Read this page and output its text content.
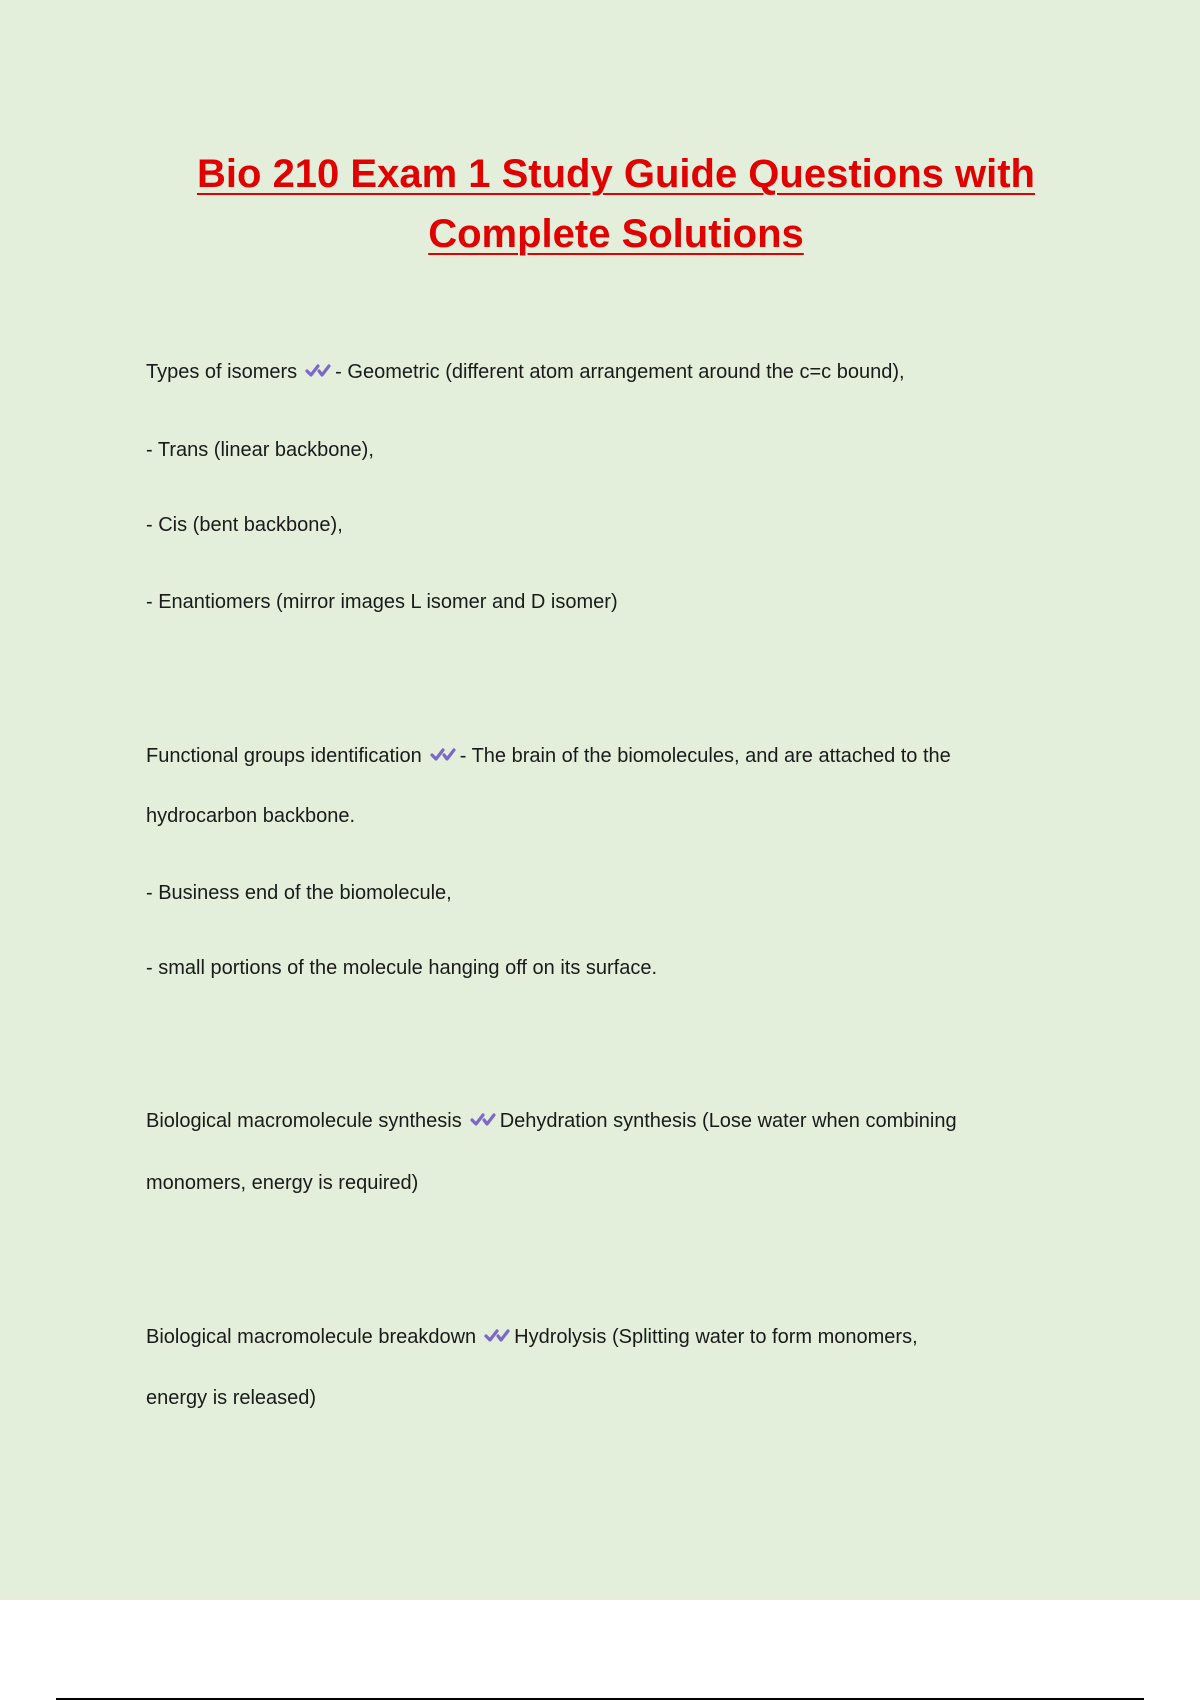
Bio 210 Exam 1 Study Guide Questions with
Complete Solutions

Types of isomers - Geometric (different atom arrangement around the c=c bound),

- Trans (linear backbone),

- Cis (bent backbone),

- Enantiomers (mirror images L isomer and D isomer)

Functional groups identification - The brain of the biomolecules, and are attached to the

hydrocarbon backbone.

- Business end of the biomolecule,

- small portions of the molecule hanging off on its surface.

Biological macromolecule synthesis Dehydration synthesis (Lose water when combining

monomers, energy is required)

Biological macromolecule breakdown Hydrolysis (Splitting water to form monomers,

energy is released)
